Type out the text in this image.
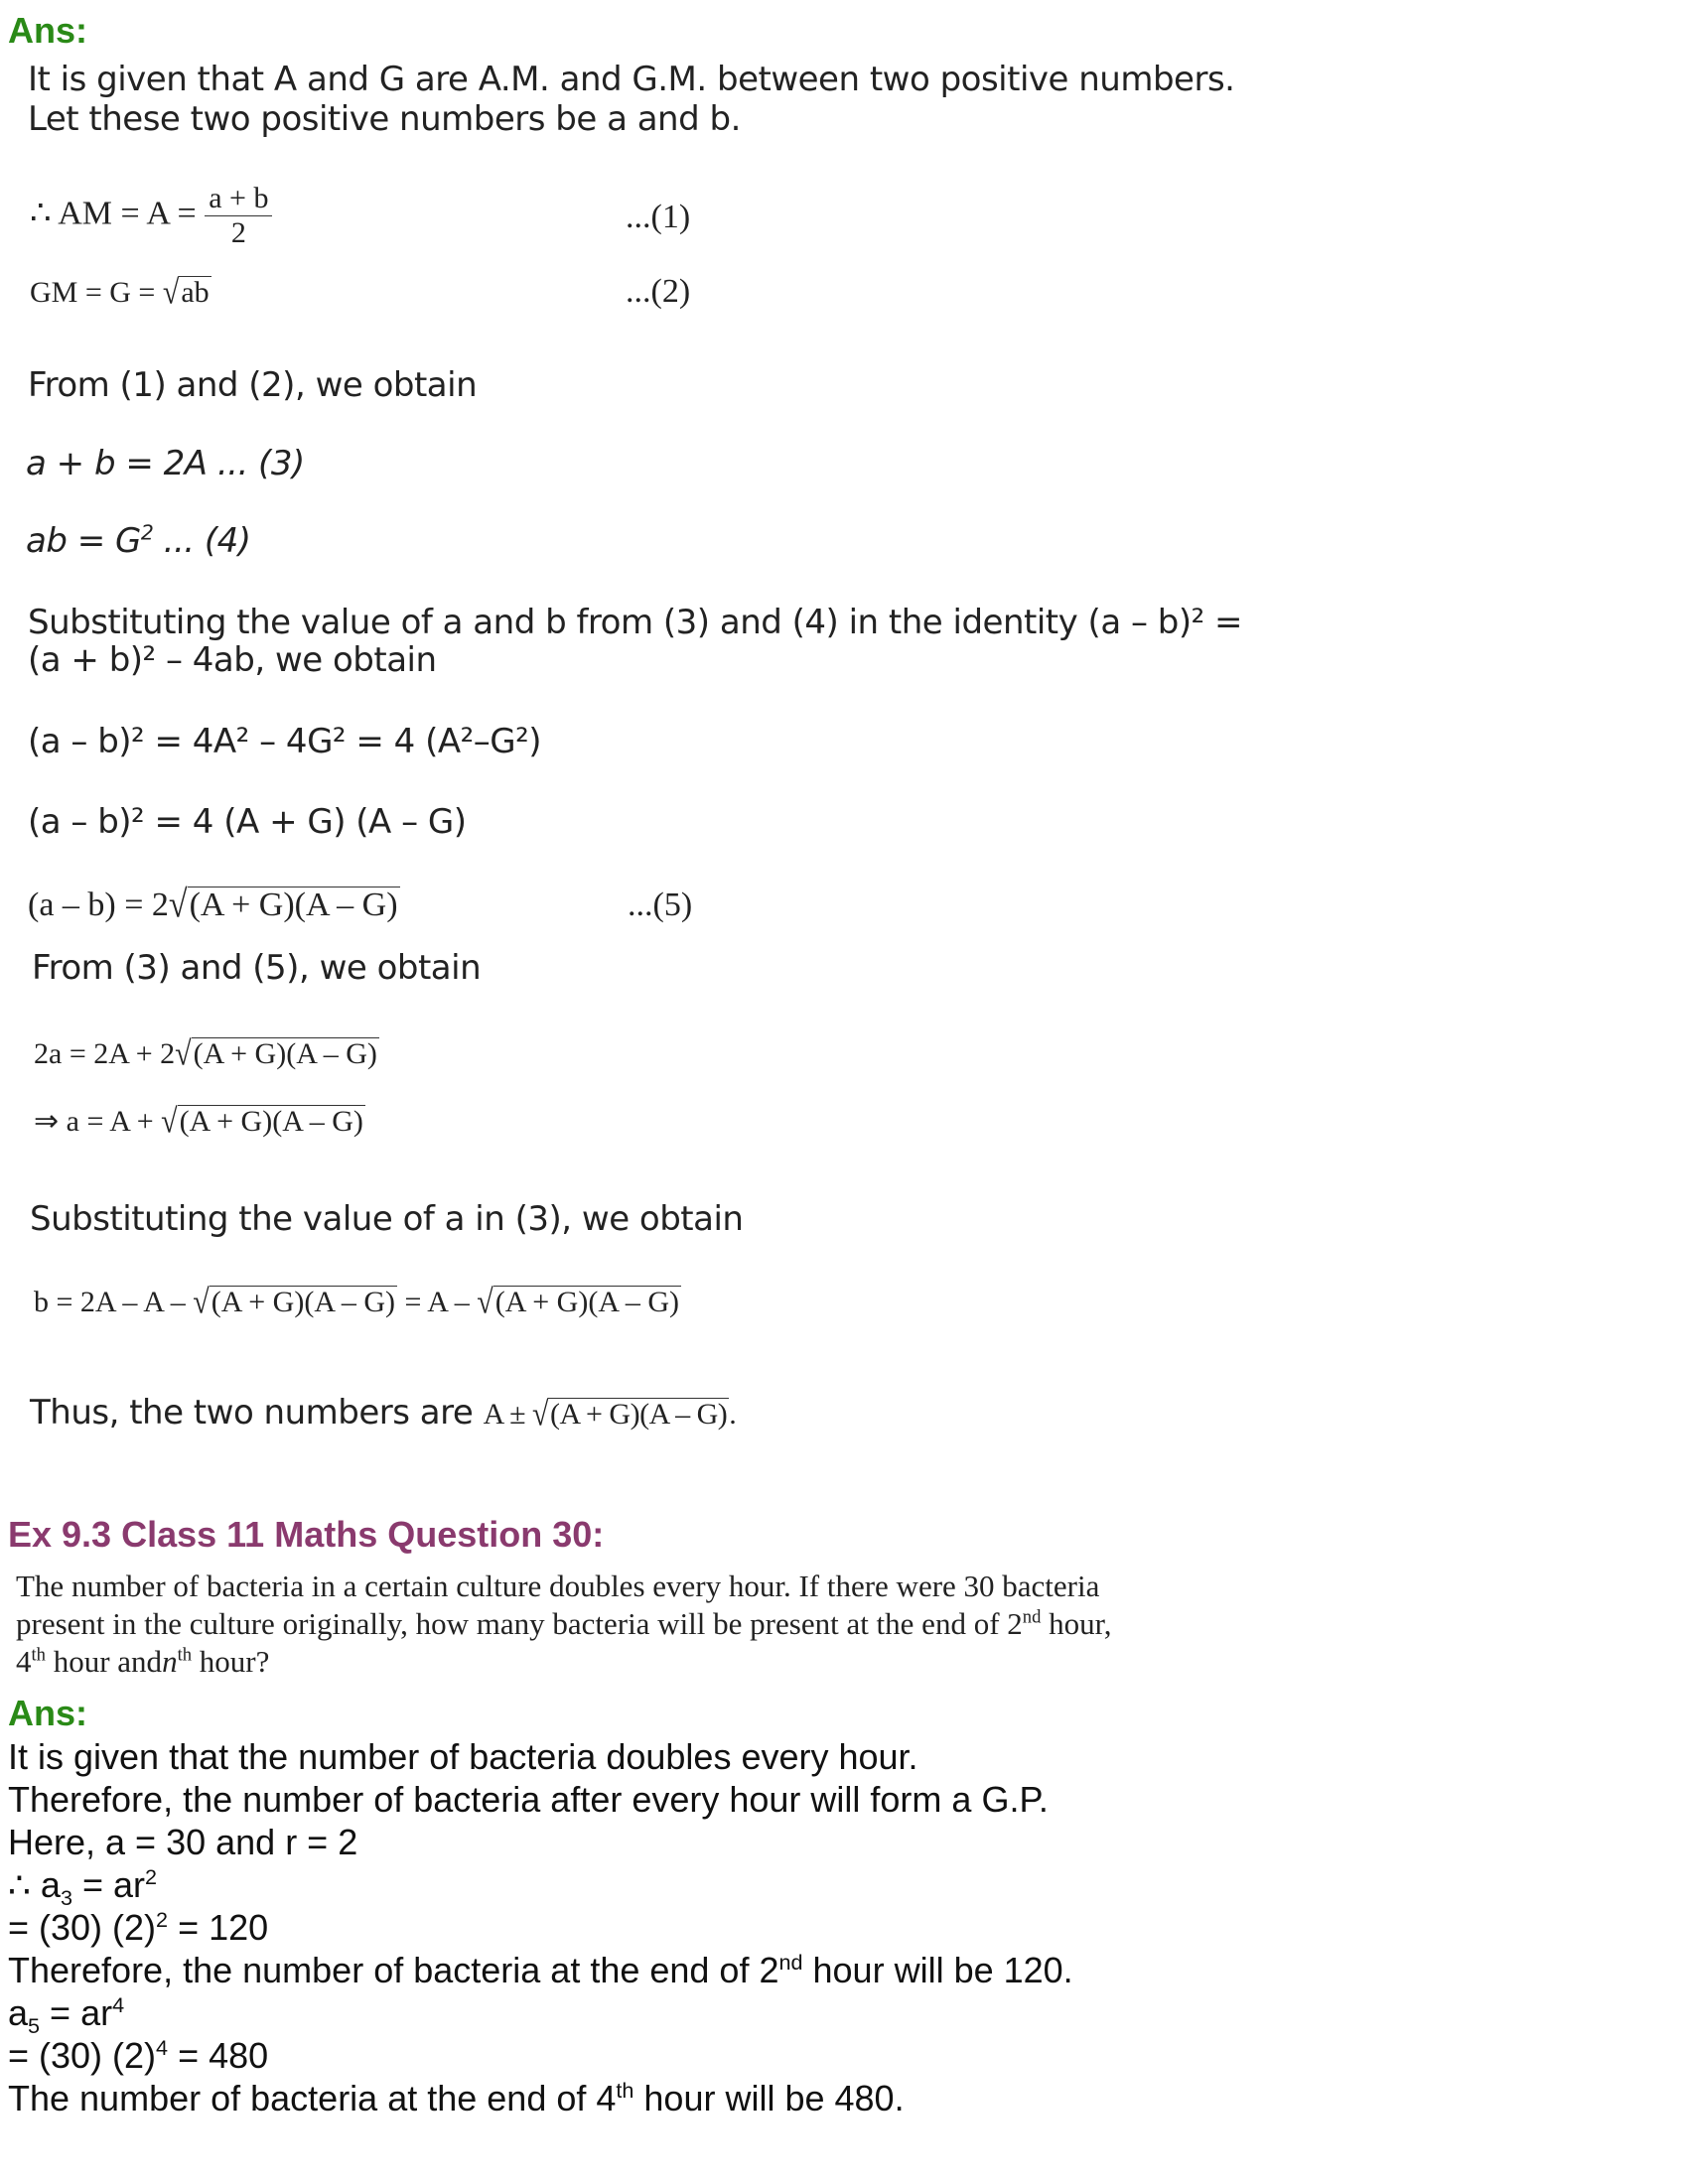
Ans:
It is given that A and G are A.M. and G.M. between two positive numbers.
Let these two positive numbers be a and b.
∴ AM = $A = \frac{a + b}{2}$	...(1)
GM = G = √ab	...(2)
From (1) and (2), we obtain
a + b = 2A ... (3)
ab = $G^2$ ... (4)
Substituting the value of a and b from (3) and (4) in the identity (a – b)² =
(a + b)² – 4ab, we obtain
(a – b)² = 4A² – 4G² = 4 (A²–G²)
(a – b)² = 4 (A + G) (A – G)
(a – b) = 2√(A + G)(A – G)	...(5)
From (3) and (5), we obtain
2a = 2A + 2√(A + G)(A – G)
⇒ a = A + √(A + G)(A – G)
Substituting the value of a in (3), we obtain
b = 2A – A – √(A + G)(A – G) = A – √(A + G)(A – G)
Thus, the two numbers are A ± √(A + G)(A – G).
Ex 9.3 Class 11 Maths Question 30:
The number of bacteria in a certain culture doubles every hour. If there were 30 bacteria
present in the culture originally, how many bacteria will be present at the end of 2nd hour,
4th hour andn$^{th}$ hour?
Ans:
It is given that the number of bacteria doubles every hour.
Therefore, the number of bacteria after every hour will form a G.P.
Here, a = 30 and r = 2
∴ $a_3 = ar^2$
= (30) $(2)^2 = 120$
Therefore, the number of bacteria at the end of 2nd hour will be 120.
$a_5 = ar^4$
= (30) $(2)^4 = 480$
The number of bacteria at the end of 4th hour will be 480.
